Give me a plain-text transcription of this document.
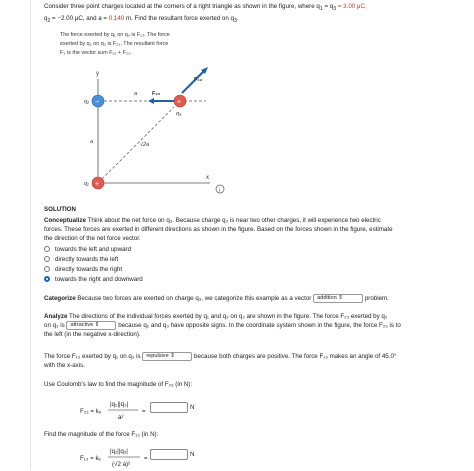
Consider three point charges located at the corners of a right triangle as shown in the figure, where $q_1 = q_3 = 3.00$ μC,

$q_2 = -2.00$ μC, and a = 0.140 m. Find the resultant force exerted on $q_3$.

The force exerted by q₁ on q₃ is F₁₃. The force
exerted by q₂ on q₃ is F₂₃. The resultant force
F₃ is the vector sum F₁₃ + F₂₃.
y
x
a
a	√2a
F₂₃
F₁₃
−
q₂	+
q₃
+
q₁
i
SOLUTION

Conceptualize Think about the net force on q₃. Because charge q₃ is near two other charges, it will experience two electric

forces. These forces are exerted in different directions as shown in the figure. Based on the forces shown in the figure, estimate

the direction of the net force vector.

towards the left and upward
directly towards the left
directly towards the right
towards the right and downward
Categorize Because two forces are exerted on charge q₃, we categorize this example as a vector addition ⇕	problem.

Analyze The directions of the individual forces exerted by q₁ and q₂ on q₃ are shown in the figure. The force F₂₃ exerted by q₂

on q₃ is attractive ⇕	because q₂ and q₃ have opposite signs. In the coordinate system shown in the figure, the force F₂₃ is to

the left (in the negative x-direction).

The force F₁₃ exerted by q₁ on q₃ is repulsive ⇕	because both charges are positive. The force F₁₃ makes an angle of 45.0°

with the x-axis.

Use Coulomb's law to find the magnitude of F₂₃ (in N):
F₂₃ = kₑ
|q₂||q₃|
a²
=
N
Find the magnitude of the force F₁₃ (in N):
F₁₃ = kₑ
|q₁||q₃|
(√2 a)²
=
N
